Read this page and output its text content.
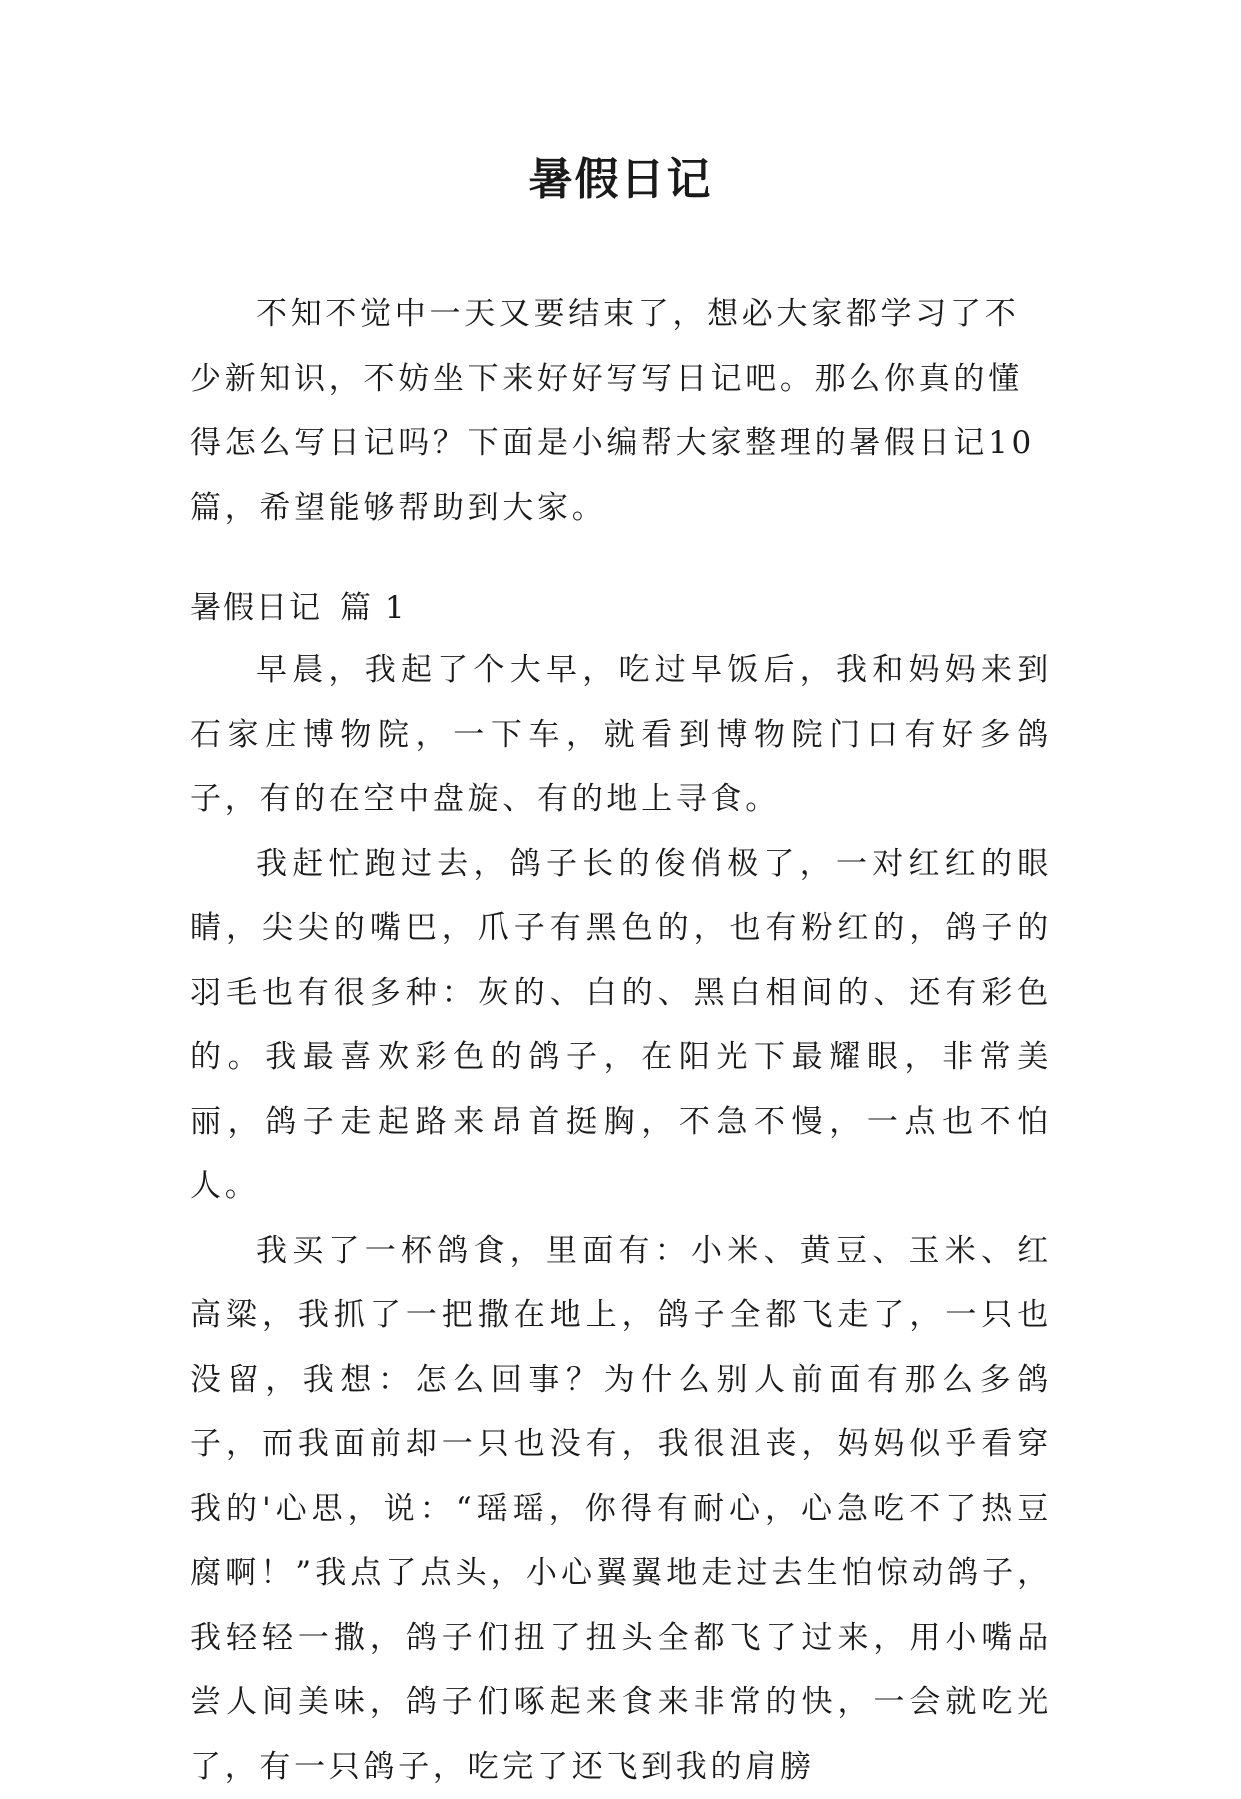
暑假日记

不知不觉中一天又要结束了，想必大家都学习了不少新知识，不妨坐下来好好写写日记吧。那么你真的懂得怎么写日记吗？下面是小编帮大家整理的暑假日记10篇，希望能够帮助到大家。

暑假日记 篇 1

早晨，我起了个大早，吃过早饭后，我和妈妈来到石家庄博物院，一下车，就看到博物院门口有好多鸽子，有的在空中盘旋、有的地上寻食。

我赶忙跑过去，鸽子长的俊俏极了，一对红红的眼睛，尖尖的嘴巴，爪子有黑色的，也有粉红的，鸽子的羽毛也有很多种：灰的、白的、黑白相间的、还有彩色的。我最喜欢彩色的鸽子，在阳光下最耀眼，非常美丽，鸽子走起路来昂首挺胸，不急不慢，一点也不怕人。

我买了一杯鸽食，里面有：小米、黄豆、玉米、红高粱，我抓了一把撒在地上，鸽子全都飞走了，一只也没留，我想：怎么回事？为什么别人前面有那么多鸽子，而我面前却一只也没有，我很沮丧，妈妈似乎看穿我的'心思，说：“瑶瑶，你得有耐心，心急吃不了热豆腐啊！”我点了点头，小心翼翼地走过去生怕惊动鸽子，我轻轻一撒，鸽子们扭了扭头全都飞了过来，用小嘴品尝人间美味，鸽子们啄起来食来非常的快，一会就吃光了，有一只鸽子，吃完了还飞到我的肩膀
